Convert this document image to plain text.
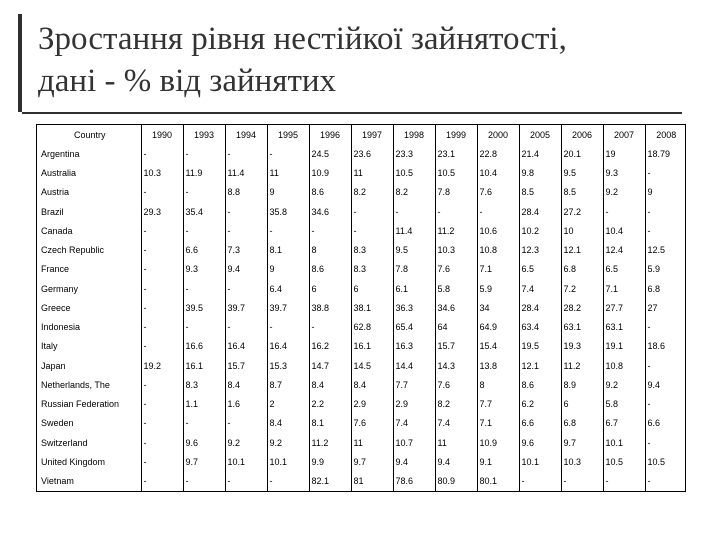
Зростання рівня нестійкої зайнятості,
дані - % від зайнятих
Country	1990	1993	1994	1995	1996	1997	1998	1999	2000	2005	2006	2007	2008
Argentina	-	-	-	-	24.5	23.6	23.3	23.1	22.8	21.4	20.1	19	18.79
Australia	10.3	11.9	11.4	11	10.9	11	10.5	10.5	10.4	9.8	9.5	9.3	-
Austria	-	-	8.8	9	8.6	8.2	8.2	7.8	7.6	8.5	8.5	9.2	9
Brazil	29.3	35.4	-	35.8	34.6	-	-	-	-	28.4	27.2	-	-
Canada	-	-	-	-	-	-	11.4	11.2	10.6	10.2	10	10.4	-
Czech Republic	-	6.6	7.3	8.1	8	8.3	9.5	10.3	10.8	12.3	12.1	12.4	12.5
France	-	9.3	9.4	9	8.6	8.3	7.8	7.6	7.1	6.5	6.8	6.5	5.9
Germany	-	-	-	6.4	6	6	6.1	5.8	5.9	7.4	7.2	7.1	6.8
Greece	-	39.5	39.7	39.7	38.8	38.1	36.3	34.6	34	28.4	28.2	27.7	27
Indonesia	-	-	-	-	-	62.8	65.4	64	64.9	63.4	63.1	63.1	-
Italy	-	16.6	16.4	16.4	16.2	16.1	16.3	15.7	15.4	19.5	19.3	19.1	18.6
Japan	19.2	16.1	15.7	15.3	14.7	14.5	14.4	14.3	13.8	12.1	11.2	10.8	-
Netherlands, The	-	8.3	8.4	8.7	8.4	8.4	7.7	7.6	8	8.6	8.9	9.2	9.4
Russian Federation	-	1.1	1.6	2	2.2	2.9	2.9	8.2	7.7	6.2	6	5.8	-
Sweden	-	-	-	8.4	8.1	7.6	7.4	7.4	7.1	6.6	6.8	6.7	6.6
Switzerland	-	9.6	9.2	9.2	11.2	11	10.7	11	10.9	9.6	9.7	10.1	-
United Kingdom	-	9.7	10.1	10.1	9.9	9.7	9.4	9.4	9.1	10.1	10.3	10.5	10.5
Vietnam	-	-	-	-	82.1	81	78.6	80.9	80.1	-	-	-	-
